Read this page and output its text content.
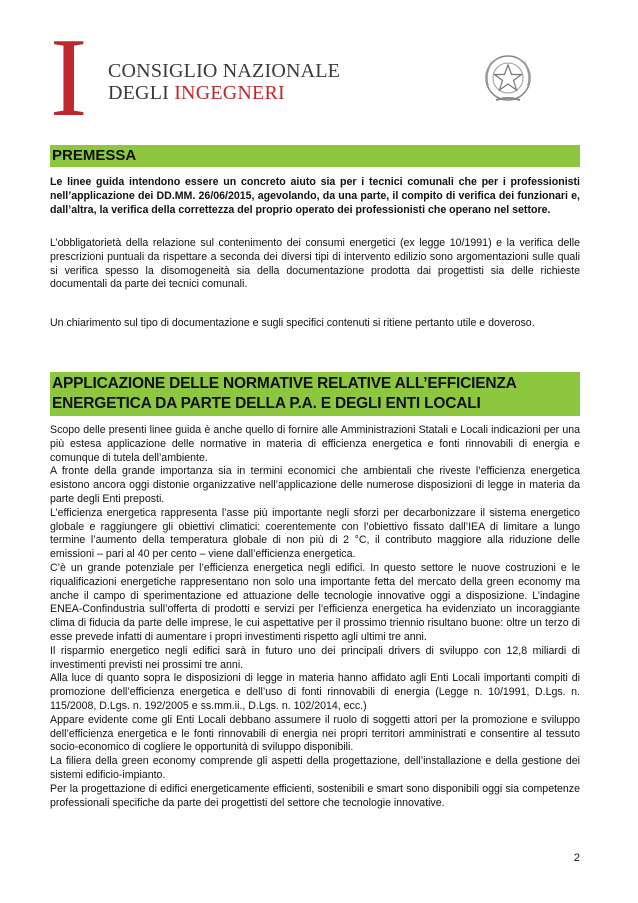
I CONSIGLIO NAZIONALE
DEGLI INGEGNERI
PREMESSA
Le linee guida intendono essere un concreto aiuto sia per i tecnici comunali che per i professionisti nell’applicazione dei DD.MM. 26/06/2015, agevolando, da una parte, il compito di verifica dei funzionari e, dall’altra, la verifica della correttezza del proprio operato dei professionisti che operano nel settore.
L’obbligatorietà della relazione sul contenimento dei consumi energetici (ex legge 10/1991) e la verifica delle prescrizioni puntuali da rispettare a seconda dei diversi tipi di intervento edilizio sono argomentazioni sulle quali si verifica spesso la disomogeneità sia della documentazione prodotta dai progettisti sia delle richieste documentali da parte dei tecnici comunali.
Un chiarimento sul tipo di documentazione e sugli specifici contenuti si ritiene pertanto utile e doveroso.
APPLICAZIONE DELLE NORMATIVE RELATIVE ALL’EFFICIENZA ENERGETICA DA PARTE DELLA P.A. E DEGLI ENTI LOCALI
Scopo delle presenti linee guida è anche quello di fornire alle Amministrazioni Statali e Locali indicazioni per una più estesa applicazione delle normative in materia di efficienza energetica e fonti rinnovabili di energia e comunque di tutela dell’ambiente.
A fronte della grande importanza sia in termini economici che ambientali che riveste l’efficienza energetica esistono ancora oggi distonie organizzative nell’applicazione delle numerose disposizioni di legge in materia da parte degli Enti preposti.
L’efficienza energetica rappresenta l’asse più importante negli sforzi per decarbonizzare il sistema energetico globale e raggiungere gli obiettivi climatici: coerentemente con l’obiettivo fissato dall’IEA di limitare a lungo termine l’aumento della temperatura globale di non più di 2 °C, il contributo maggiore alla riduzione delle emissioni – pari al 40 per cento – viene dall’efficienza energetica.
C’è un grande potenziale per l’efficienza energetica negli edifici. In questo settore le nuove costruzioni e le riqualificazioni energetiche rappresentano non solo una importante fetta del mercato della green economy ma anche il campo di sperimentazione ed attuazione delle tecnologie innovative oggi a disposizione. L’indagine ENEA-Confindustria sull’offerta di prodotti e servizi per l’efficienza energetica ha evidenziato un incoraggiante clima di fiducia da parte delle imprese, le cui aspettative per il prossimo triennio risultano buone: oltre un terzo di esse prevede infatti di aumentare i propri investimenti rispetto agli ultimi tre anni.
Il risparmio energetico negli edifici sarà in futuro uno dei principali drivers di sviluppo con 12,8 miliardi di investimenti previsti nei prossimi tre anni.
Alla luce di quanto sopra le disposizioni di legge in materia hanno affidato agli Enti Locali importanti compiti di promozione dell’efficienza energetica e dell’uso di fonti rinnovabili di energia (Legge n. 10/1991, D.Lgs. n. 115/2008, D.Lgs. n. 192/2005 e ss.mm.ii., D.Lgs. n. 102/2014, ecc.)
Appare evidente come gli Enti Locali debbano assumere il ruolo di soggetti attori per la promozione e sviluppo dell’efficienza energetica e le fonti rinnovabili di energia nei propri territori amministrati e consentire al tessuto socio-economico di cogliere le opportunità di sviluppo disponibili.
La filiera della green economy comprende gli aspetti della progettazione, dell’installazione e della gestione dei sistemi edificio-impianto.
Per la progettazione di edifici energeticamente efficienti, sostenibili e smart sono disponibili oggi sia competenze professionali specifiche da parte dei progettisti del settore che tecnologie innovative.
2
